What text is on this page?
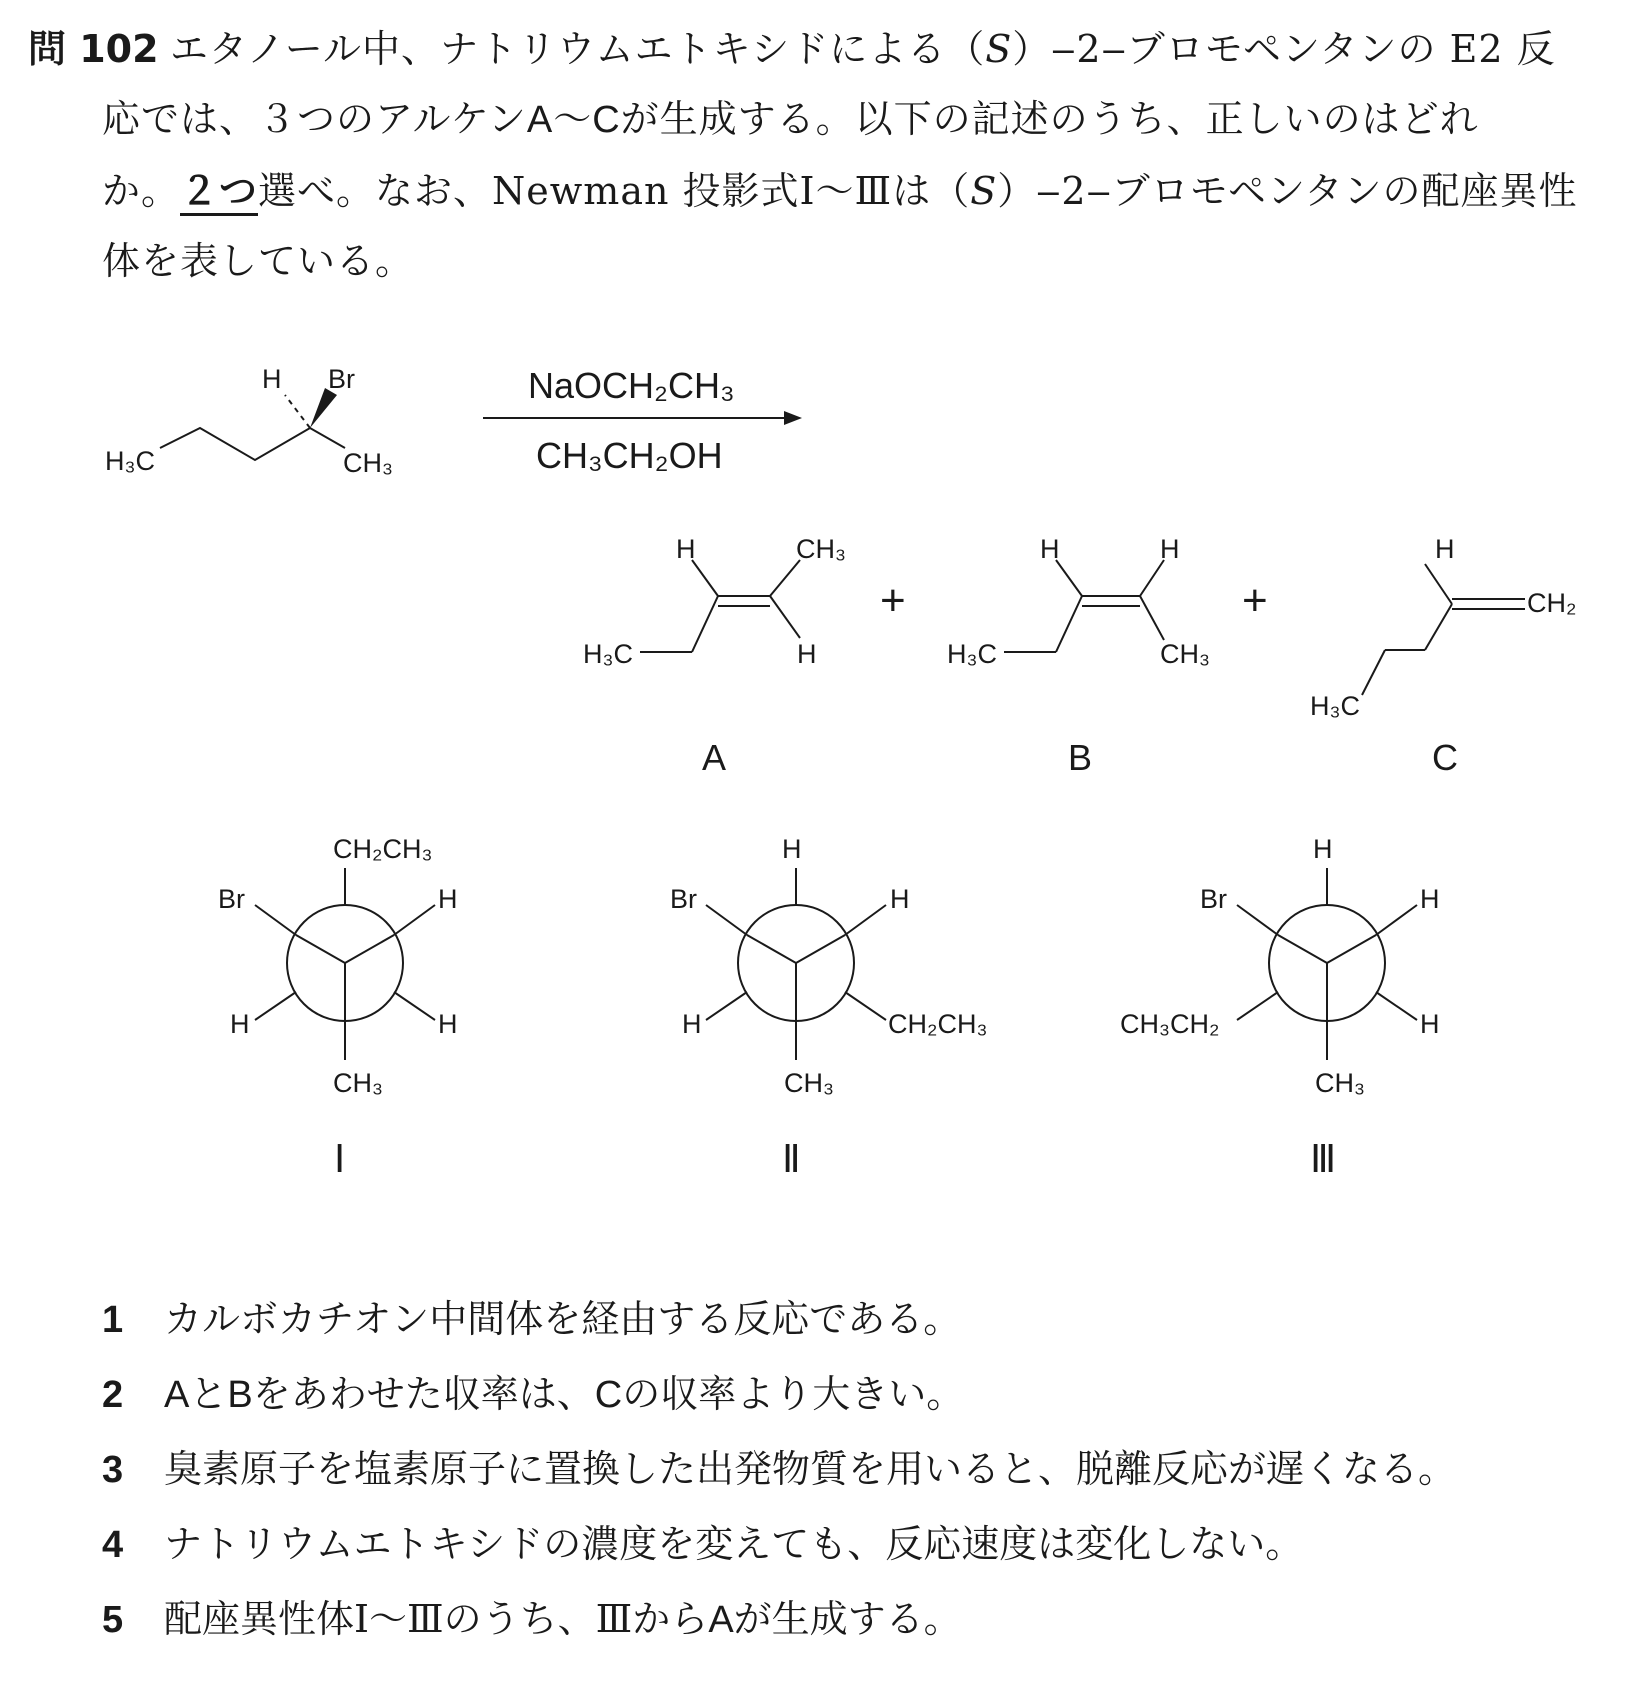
問 102 エタノール中、ナトリウムエトキシドによる（S）‒2‒ブロモペンタンの E2 反
応では、３つのアルケンA～Cが生成する。以下の記述のうち、正しいのはどれ
か。２つ選べ。なお、Newman 投影式Ⅰ～Ⅲは（S）‒2‒ブロモペンタンの配座異性
体を表している。
H Br
H₃C	CH₃
NaOCH₂CH₃
CH₃CH₂OH
H	CH₃
H₃C	H
A
+
H	H
H₃C	CH₃
B
+
H
CH₂
H₃C
C
CH₂CH₃
Br	H
H	H
CH₃
Ⅰ
H
Br	H
H	CH₂CH₃
CH₃
Ⅱ
H
Br	H
CH₃CH₂	H
CH₃
Ⅲ
1 カルボカチオン中間体を経由する反応である。
2 AとBをあわせた収率は、Cの収率より大きい。
3 臭素原子を塩素原子に置換した出発物質を用いると、脱離反応が遅くなる。
4 ナトリウムエトキシドの濃度を変えても、反応速度は変化しない。
5 配座異性体Ⅰ～Ⅲのうち、ⅢからAが生成する。
